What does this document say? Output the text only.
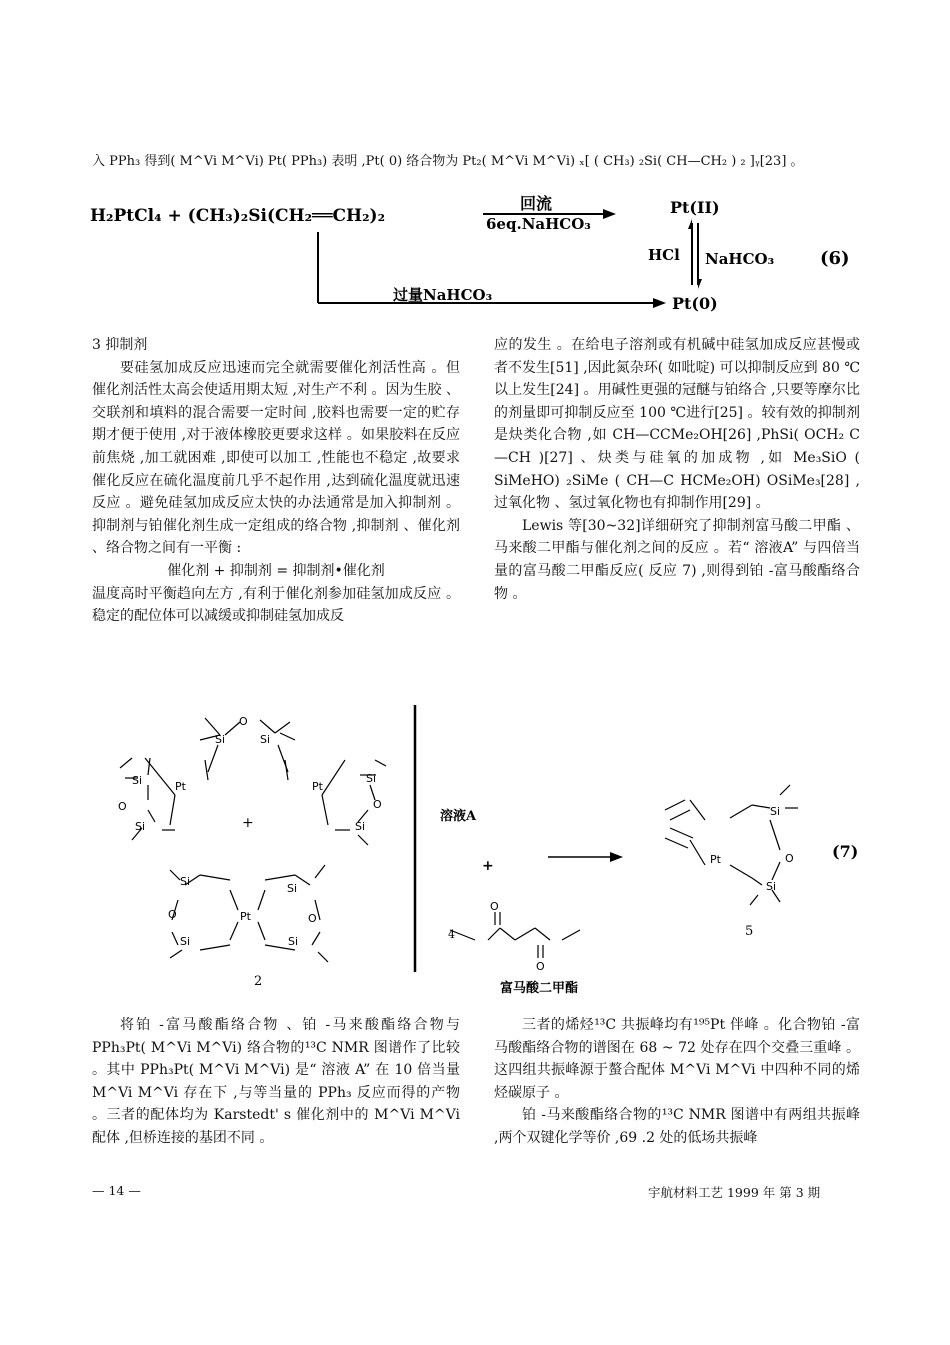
入 PPh₃ 得到( M^Vi M^Vi) Pt( PPh₃) 表明 ,Pt( 0) 络合物为 Pt₂( M^Vi M^Vi) ₓ[ ( CH₃) ₂Si( CH—CH₂ ) ₂ ]ᵧ[23] 。
H₂PtCl₄ + (CH₃)₂Si(CH₂══CH₂)₂
回流
6eq.NaHCO₃
Pt(II)
HCl NaHCO₃	(6)
过量NaHCO₃	Pt(0)

3 抑制剂

要硅氢加成反应迅速而完全就需要催化剂活性高 。但催化剂活性太高会使适用期太短 ,对生产不利 。因为生胶 、交联剂和填料的混合需要一定时间 ,胶料也需要一定的贮存期才便于使用 ,对于液体橡胶更要求这样 。如果胶料在反应前焦烧 ,加工就困难 ,即使可以加工 ,性能也不稳定 ,故要求催化反应在硫化温度前几乎不起作用 ,达到硫化温度就迅速反应 。避免硅氢加成反应太快的办法通常是加入抑制剂 。抑制剂与铂催化剂生成一定组成的络合物 ,抑制剂 、催化剂 、络合物之间有一平衡 :

催化剂 + 抑制剂 = 抑制剂•催化剂

温度高时平衡趋向左方 ,有利于催化剂参加硅氢加成反应 。稳定的配位体可以减缓或抑制硅氢加成反

应的发生 。在给电子溶剂或有机碱中硅氢加成反应甚慢或者不发生[51] ,因此氮杂环( 如吡啶) 可以抑制反应到 80 ℃以上发生[24] 。用碱性更强的冠醚与铂络合 ,只要等摩尔比的剂量即可抑制反应至 100 ℃进行[25] 。较有效的抑制剂是炔类化合物 ,如 CH—CCMe₂OH[26] ,PhSi( OCH₂ C—CH )[27] 、炔类与硅氧的加成物 ,如 Me₃SiO ( SiMeHO) ₂SiMe ( CH—C HCMe₂OH) OSiMe₃[28] ,过氧化物 、氢过氧化物也有抑制作用[29] 。

Lewis 等[30~32]详细研究了抑制剂富马酸二甲酯 、马来酸二甲酯与催化剂之间的反应 。若“ 溶液A” 与四倍当量的富马酸二甲酯反应( 反应 7) ,则得到铂 -富马酸酯络合物 。

Si	Si
O
Pt	Pt
Si
O
Si
Si
O
Si
+
Si
O
Si
Pt
Si
O
Si
2
溶液A
+
4
O
O
富马酸二甲酯
Pt
Si
O
Si
5
(7)

将铂 -富马酸酯络合物 、铂 -马来酸酯络合物与 PPh₃Pt( M^Vi M^Vi) 络合物的¹³C NMR 图谱作了比较 。其中 PPh₃Pt( M^Vi M^Vi) 是“ 溶液 A” 在 10 倍当量 M^Vi M^Vi 存在下 ,与等当量的 PPh₃ 反应而得的产物 。三者的配体均为 Karstedt' s 催化剂中的 M^Vi M^Vi 配体 ,但桥连接的基团不同 。

三者的烯烃¹³C 共振峰均有¹⁹⁵Pt 伴峰 。化合物铂 -富马酸酯络合物的谱图在 68 ~ 72 处存在四个交叠三重峰 。这四组共振峰源于螯合配体 M^Vi M^Vi 中四种不同的烯烃碳原子 。

铂 -马来酸酯络合物的¹³C NMR 图谱中有两组共振峰 ,两个双键化学等价 ,69 .2 处的低场共振峰

— 14 —	宇航材料工艺 1999 年 第 3 期
